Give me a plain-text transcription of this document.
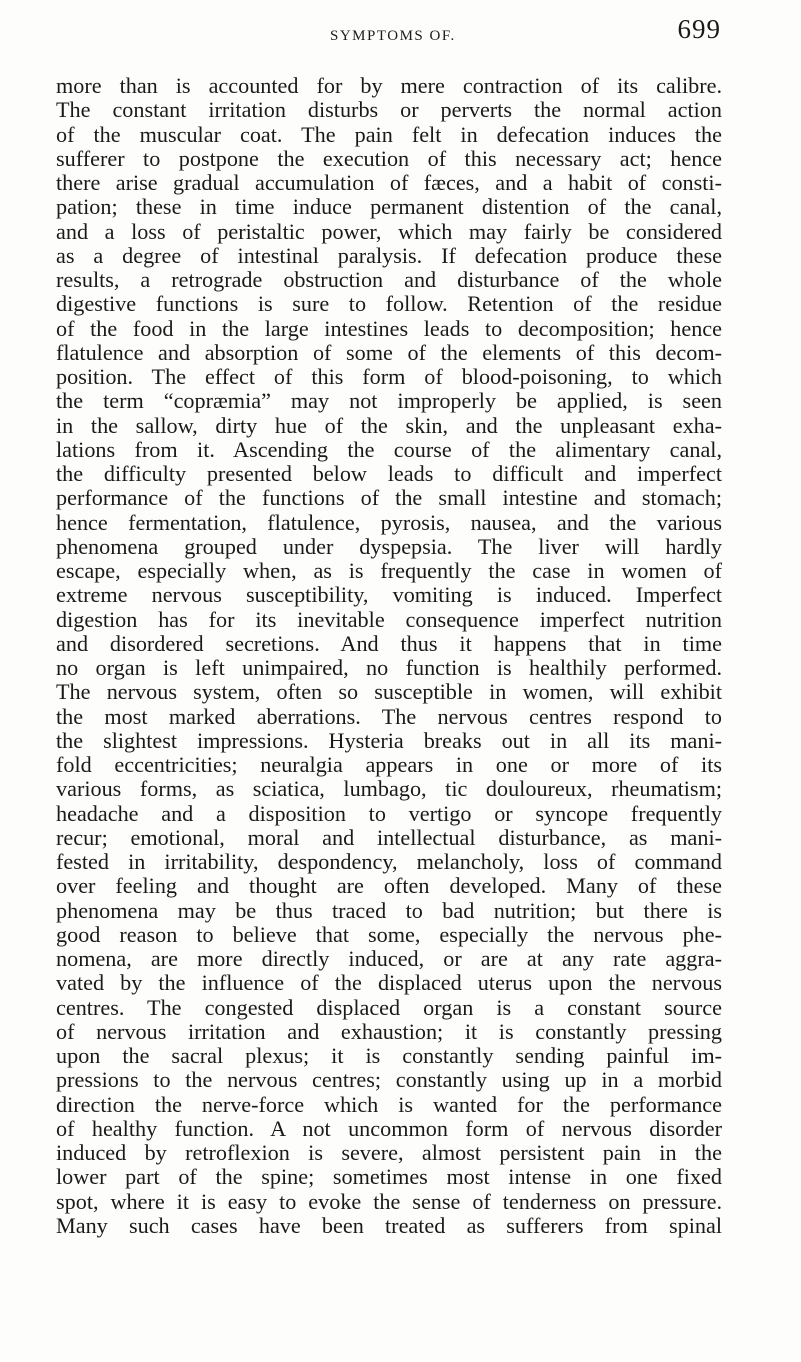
SYMPTOMS OF.	699
more than is accounted for by mere contraction of its calibre.
The constant irritation disturbs or perverts the normal action
of the muscular coat. The pain felt in defecation induces the
sufferer to postpone the execution of this necessary act; hence
there arise gradual accumulation of fæces, and a habit of consti-
pation; these in time induce permanent distention of the canal,
and a loss of peristaltic power, which may fairly be considered
as a degree of intestinal paralysis. If defecation produce these
results, a retrograde obstruction and disturbance of the whole
digestive functions is sure to follow. Retention of the residue
of the food in the large intestines leads to decomposition; hence
flatulence and absorption of some of the elements of this decom-
position. The effect of this form of blood-poisoning, to which
the term “copræmia” may not improperly be applied, is seen
in the sallow, dirty hue of the skin, and the unpleasant exha-
lations from it. Ascending the course of the alimentary canal,
the difficulty presented below leads to difficult and imperfect
performance of the functions of the small intestine and stomach;
hence fermentation, flatulence, pyrosis, nausea, and the various
phenomena grouped under dyspepsia. The liver will hardly
escape, especially when, as is frequently the case in women of
extreme nervous susceptibility, vomiting is induced. Imperfect
digestion has for its inevitable consequence imperfect nutrition
and disordered secretions. And thus it happens that in time
no organ is left unimpaired, no function is healthily performed.
The nervous system, often so susceptible in women, will exhibit
the most marked aberrations. The nervous centres respond to
the slightest impressions. Hysteria breaks out in all its mani-
fold eccentricities; neuralgia appears in one or more of its
various forms, as sciatica, lumbago, tic douloureux, rheumatism;
headache and a disposition to vertigo or syncope frequently
recur; emotional, moral and intellectual disturbance, as mani-
fested in irritability, despondency, melancholy, loss of command
over feeling and thought are often developed. Many of these
phenomena may be thus traced to bad nutrition; but there is
good reason to believe that some, especially the nervous phe-
nomena, are more directly induced, or are at any rate aggra-
vated by the influence of the displaced uterus upon the nervous
centres. The congested displaced organ is a constant source
of nervous irritation and exhaustion; it is constantly pressing
upon the sacral plexus; it is constantly sending painful im-
pressions to the nervous centres; constantly using up in a morbid
direction the nerve-force which is wanted for the performance
of healthy function. A not uncommon form of nervous disorder
induced by retroflexion is severe, almost persistent pain in the
lower part of the spine; sometimes most intense in one fixed
spot, where it is easy to evoke the sense of tenderness on pressure.
Many such cases have been treated as sufferers from spinal
